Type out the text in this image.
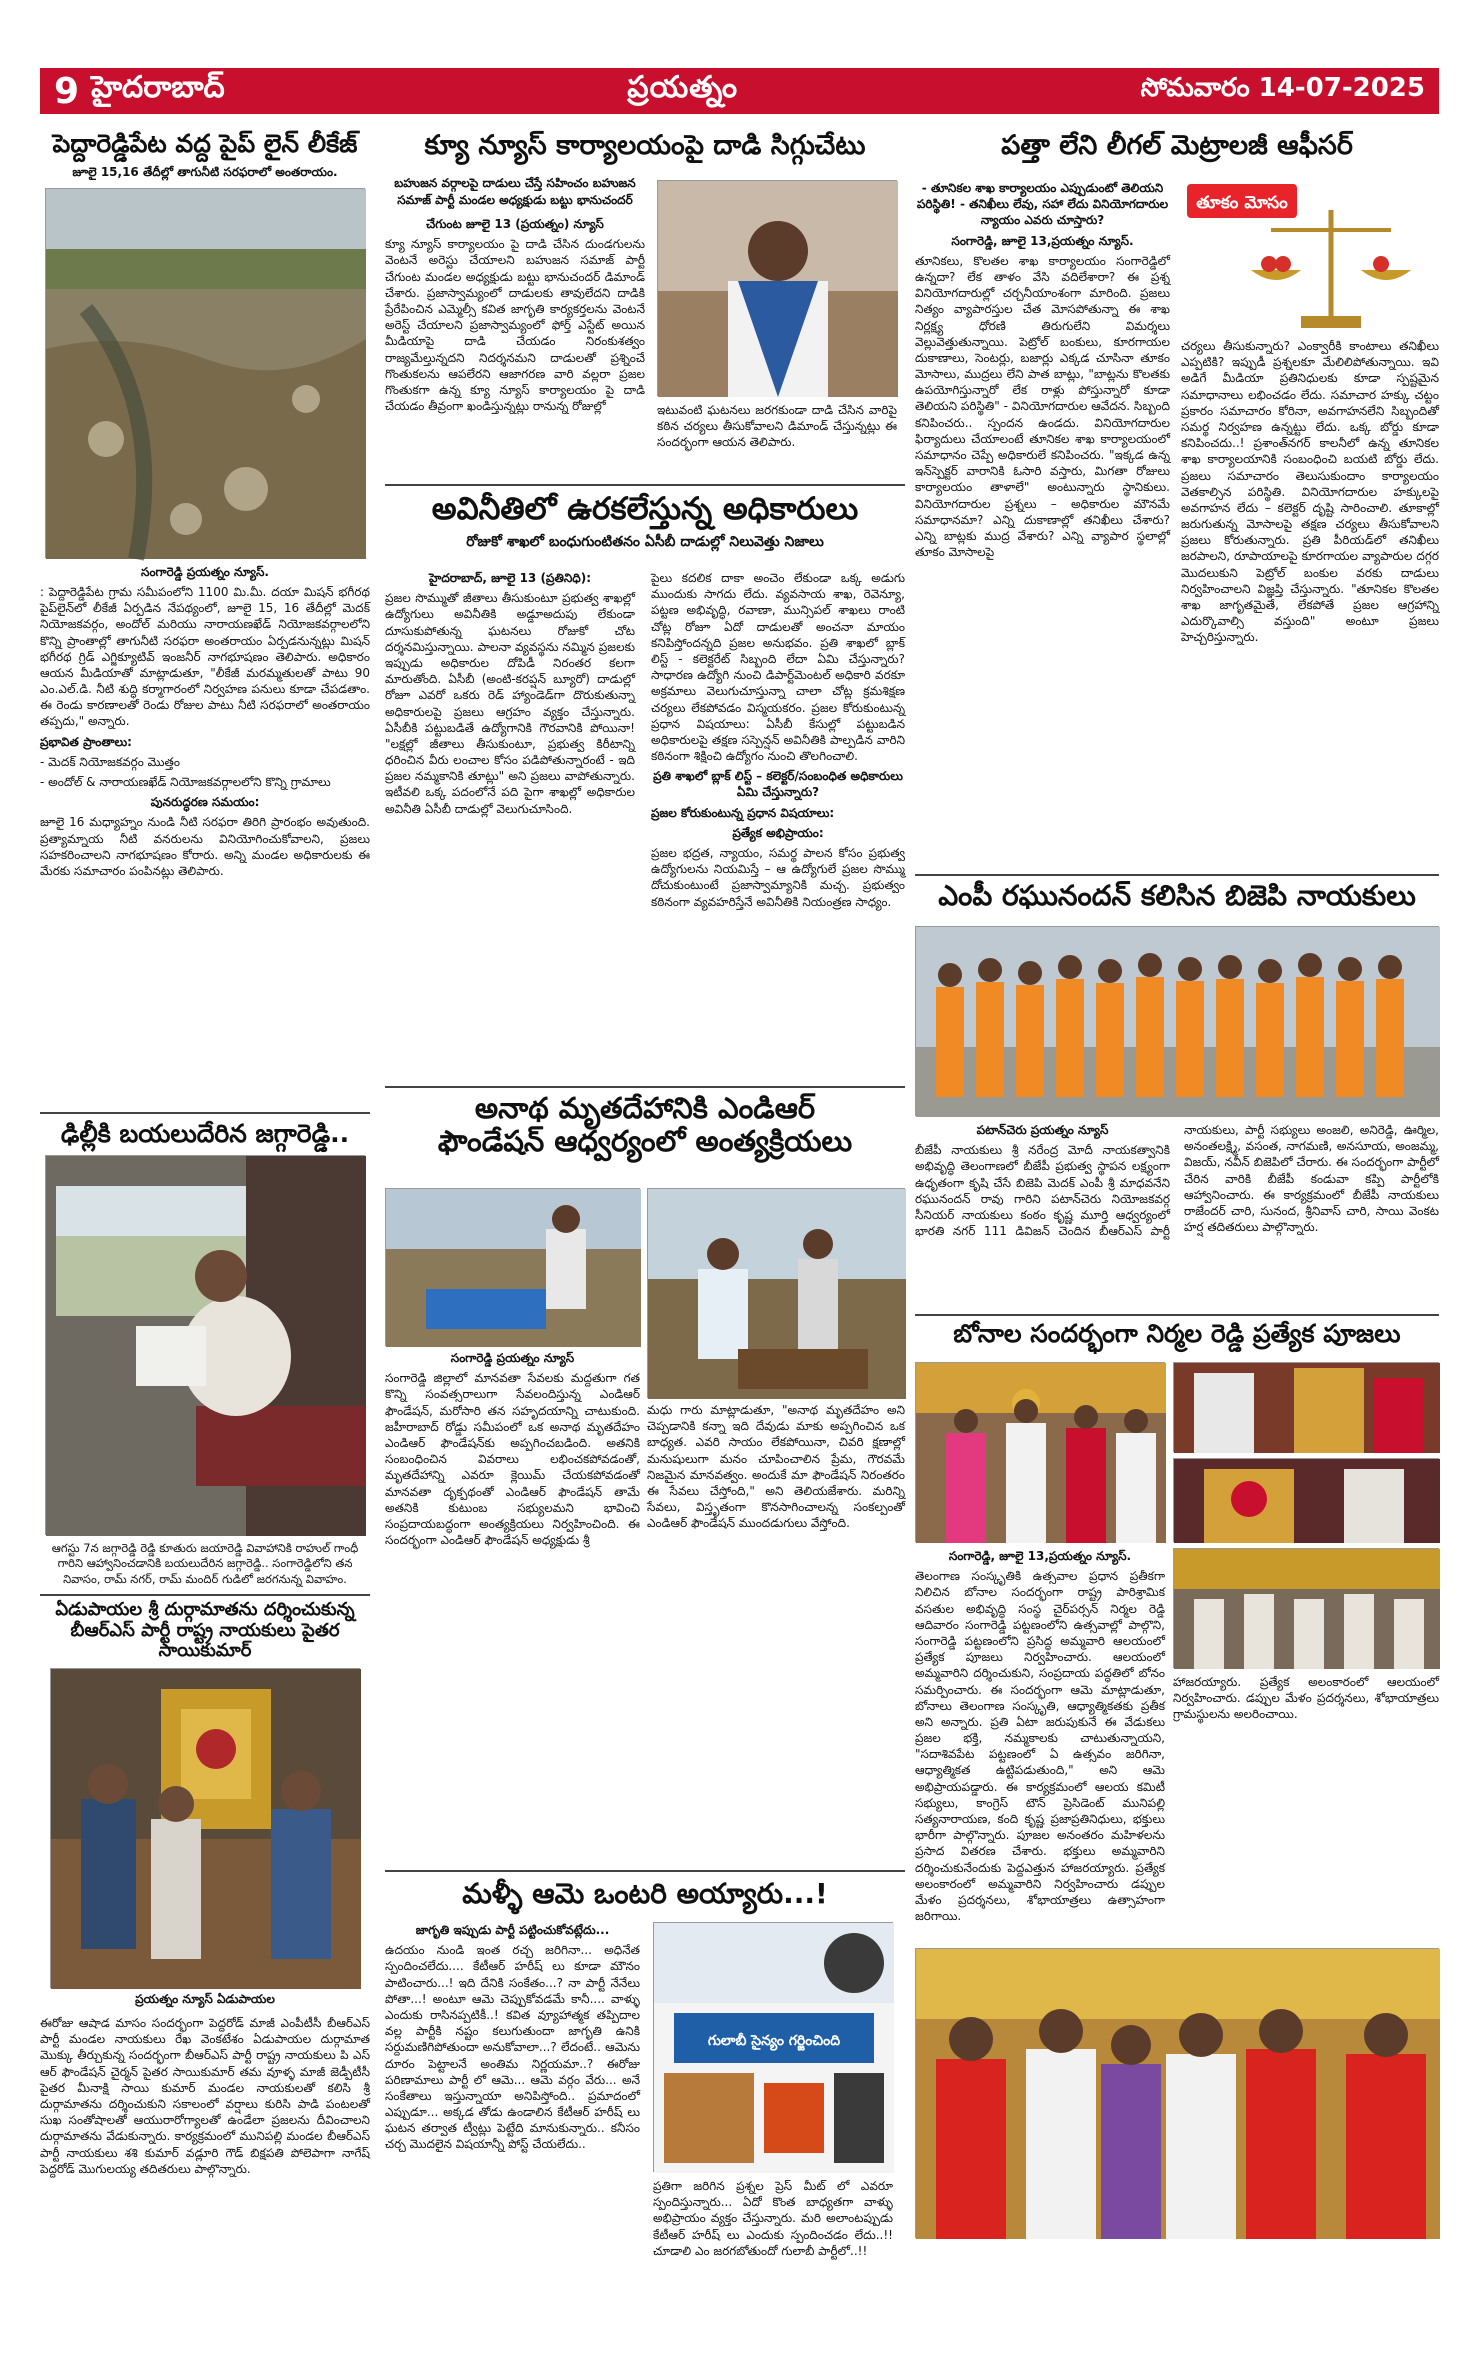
9 హైదరాబాద్	ప్రయత్నం	సోమవారం 14-07-2025
పెద్దారెడ్డిపేట వద్ద పైప్ లైన్ లీకేజ్
జూలై 15,16 తేదీల్లో తాగునీటి సరఫరాలో అంతరాయం.

సంగారెడ్డి ప్రయత్నం న్యూస్.

: పెద్దారెడ్డిపేట గ్రామ సమీపంలోని 1100 మి.మీ. దయా మిషన్ భగీరథ పైప్‌లైన్‌లో లీకేజీ ఏర్పడిన నేపథ్యంలో, జూలై 15, 16 తేదీల్లో మెదక్ నియోజకవర్గం, అందోల్ మరియు నారాయణఖేడ్ నియోజకవర్గాలలోని కొన్ని ప్రాంతాల్లో తాగునీటి సరఫరా అంతరాయం ఏర్పడనున్నట్లు మిషన్ భగీరథ గ్రిడ్ ఎగ్జిక్యూటివ్ ఇంజనీర్ నాగభూషణం తెలిపారు. అధికారం ఆయన మీడియాతో మాట్లాడుతూ, "లీకేజీ మరమ్మతులతో పాటు 90 ఎం.ఎల్.డి. నీటి శుద్ధి కర్మాగారంలో నిర్వహణ పనులు కూడా చేపడతాం. ఈ రెండు కారణాలతో రెండు రోజుల పాటు నీటి సరఫరాలో అంతరాయం తప్పదు," అన్నారు.

ప్రభావిత ప్రాంతాలు:

- మెదక్ నియోజకవర్గం మొత్తం

- అందోల్ & నారాయణఖేడ్ నియోజకవర్గాలలోని కొన్ని గ్రామాలు

పునరుద్ధరణ సమయం:

జూలై 16 మధ్యాహ్నం నుండి నీటి సరఫరా తిరిగి ప్రారంభం అవుతుంది. ప్రత్యామ్నాయ నీటి వనరులను వినియోగించుకోవాలని, ప్రజలు సహకరించాలని నాగభూషణం కోరారు. అన్ని మండల అధికారులకు ఈ మేరకు సమాచారం పంపినట్లు తెలిపారు.

ఢిల్లీకి బయలుదేరిన జగ్గారెడ్డి..
ఆగస్టు 7న జగ్గారెడ్డి రెడ్డి కూతురు జయారెడ్డి వివాహానికి రాహుల్ గాంధీ గారిని ఆహ్వానించడానికి బయలుదేరిన జగ్గారెడ్డి.. సంగారెడ్డిలోని తన నివాసం, రామ్ నగర్, రామ్ మందిర్ గుడిలో జరగనున్న వివాహం.
ఏడుపాయల శ్రీ దుర్గామాతను దర్శించుకున్న బీఆర్ఎస్ పార్టీ రాష్ట్ర నాయకులు పైతర సాయికుమార్
ప్రయత్నం న్యూస్ ఏడుపాయల
ఈరోజు ఆషాడ మాసం సందర్భంగా పెద్దరోడ్ మాజీ ఎంపీటీసీ బీఆర్ఎస్ పార్టీ మండల నాయకులు రేఖ వెంకటేశం ఏడుపాయల దుర్గామాత మొక్కు తీర్చుకున్న సందర్భంగా బీఆర్ఎస్ పార్టీ రాష్ట్ర నాయకులు పి ఎస్ ఆర్ ఫౌండేషన్ చైర్మన్ పైతర సాయికుమార్ తమ వూళ్ళ మాజీ జెడ్పీటీసీ పైతర మీనాక్షి సాయి కుమార్ మండల నాయకులతో కలిసి శ్రీ దుర్గామాతను దర్శించుకుని సకాలంలో వర్షాలు కురిసి పాడి పంటలతో సుఖ సంతోషాలతో ఆయురారోగ్యాలతో ఉండేలా ప్రజలను దీవించాలని దుర్గామాతను వేడుకున్నారు. కార్యక్రమంలో మునిపల్లి మండల బీఆర్ఎస్ పార్టీ నాయకులు శశి కుమార్ వడ్లూరి గౌడ్ బిక్షపతి పోలెపాగా నాగేష్ పెద్దరోడ్ మొగులయ్య తదితరులు పాల్గొన్నారు.
క్యూ న్యూస్ కార్యాలయంపై దాడి సిగ్గుచేటు
బహుజన వర్గాలపై దాడులు చేస్తే సహించం బహుజన సమాజ్ పార్టీ మండల అధ్యక్షుడు బట్టు భానుచందర్

చేగుంట జూలై 13 (ప్రయత్నం) న్యూస్

క్యూ న్యూస్ కార్యాలయం పై దాడి చేసిన దుండగులను వెంటనే అరెస్టు చేయాలని బహుజన సమాజ్ పార్టీ చేగుంట మండల అధ్యక్షుడు బట్టు భానుచందర్ డిమాండ్ చేశారు. ప్రజాస్వామ్యంలో దాడులకు తావులేదని దాడికి ప్రేరేపించిన ఎమ్మెల్సీ కవిత జాగృతి కార్యకర్తలను వెంటనే అరెస్ట్ చేయాలని ప్రజాస్వామ్యంలో ఫోర్త్ ఎస్టేట్ అయిన మీడియాపై దాడి చేయడం నిరంకుశత్వం రాజ్యమేల్తున్నదని నిదర్శనమని దాడులతో ప్రశ్నించే గొంతుకలను ఆపలేరని ఆజాగరణ వారి వల్లరా ప్రజల గొంతుకగా ఉన్న క్యూ న్యూస్ కార్యాలయం పై దాడి చేయడం తీవ్రంగా ఖండిస్తున్నట్లు రానున్న రోజుల్లో	ఇటువంటి ఘటనలు జరగకుండా దాడి చేసిన వారిపై కఠిన చర్యలు తీసుకోవాలని డిమాండ్ చేస్తున్నట్లు ఈ సందర్భంగా ఆయన తెలిపారు.
అవినీతిలో ఉరకలేస్తున్న అధికారులు
రోజుకో శాఖలో బంధుగుంటితనం ఏసీబీ దాడుల్లో నిలువెత్తు నిజాలు

హైదరాబాద్, జూలై 13 (ప్రతినిధి):

ప్రజల సొమ్ముతో జీతాలు తీసుకుంటూ ప్రభుత్వ శాఖల్లో ఉద్యోగులు అవినీతికి అడ్డూఅదుపు లేకుండా దూసుకుపోతున్న ఘటనలు రోజుకో చోట దర్శనమిస్తున్నాయి. పాలనా వ్యవస్థను నమ్మిన ప్రజలకు ఇప్పుడు అధికారుల దోపిడీ నిరంతర కలగా మారుతోంది. ఏసీబీ (అంటి-కరప్షన్ బ్యూరో) దాడుల్లో రోజూ ఎవరో ఒకరు రెడ్ హ్యాండెడ్‌గా దొరుకుతున్నా అధికారులపై ప్రజలు ఆగ్రహం వ్యక్తం చేస్తున్నారు. ఏసీబీకి పట్టుబడితే ఉద్యోగానికి గౌరవానికి పోయినా! "లక్షల్లో జీతాలు తీసుకుంటూ, ప్రభుత్వ కిరీటాన్ని ధరించిన వీరు లంచాల కోసం పడిపోతున్నారంటే - ఇది ప్రజల నమ్మకానికి తూట్లు" అని ప్రజలు వాపోతున్నారు. ఇటీవలి ఒక్క పదంలోనే పది పైగా శాఖల్లో అధికారుల అవినీతి ఏసీబీ దాడుల్లో వెలుగుచూసింది.

పైలు కదలిక దాకా అంచెం లేకుండా ఒక్క అడుగు ముందుకు సాగదు లేదు. వ్యవసాయ శాఖ, రెవెన్యూ, పట్టణ అభివృద్ధి, రవాణా, మున్సిపల్ శాఖలు రాంటి చోట్ల రోజూ ఏదో దాడులతో అంచనా మాయం కనిపిస్తోందన్నది ప్రజల అనుభవం. ప్రతి శాఖలో బ్లాక్ లిస్ట్ - కలెక్టరేట్ సిబ్బంది లేదా ఏమి చేస్తున్నారు? సాధారణ ఉద్యోగి నుంచి డిపార్ట్‌మెంటల్ అధికారి వరకూ అక్రమాలు వెలుగుచూస్తున్నా చాలా చోట్ల క్రమశిక్షణ చర్యలు లేకపోవడం విస్మయకరం. ప్రజల కోరుకుంటున్న ప్రధాన విషయాలు: ఏసీబీ కేసుల్లో పట్టుబడిన అధికారులపై తక్షణ సస్పెన్షన్ అవినీతికి పాల్పడిన వారిని కఠినంగా శిక్షించి ఉద్యోగం నుంచి తొలగించాలి.

ప్రతి శాఖలో బ్లాక్ లిస్ట్ – కలెక్టర్/సంబంధిత అధికారులు ఏమి చేస్తున్నారు?

ప్రజల కోరుకుంటున్న ప్రధాన విషయాలు:

ప్రత్యేక అభిప్రాయం:

ప్రజల భద్రత, న్యాయం, సమర్థ పాలన కోసం ప్రభుత్వ ఉద్యోగులను నియమిస్తే – ఆ ఉద్యోగులే ప్రజల సొమ్ము దోచుకుంటుంటే ప్రజాస్వామ్యానికి మచ్చ. ప్రభుత్వం కఠినంగా వ్యవహరిస్తేనే అవినీతికి నియంత్రణ సాధ్యం.

అనాథ మృతదేహానికి ఎండిఆర్
ఫౌండేషన్ ఆధ్వర్యంలో అంత్యక్రియలు

సంగారెడ్డి ప్రయత్నం న్యూస్

సంగారెడ్డి జిల్లాలో మానవతా సేవలకు మద్దతుగా గత కొన్ని సంవత్సరాలుగా సేవలందిస్తున్న ఎండిఆర్ ఫౌండేషన్, మరోసారి తన సహృదయాన్ని చాటుకుంది. జహీరాబాద్ రోడ్డు సమీపంలో ఒక అనాథ మృతదేహం ఎండిఆర్ ఫౌండేషన్‌కు అప్పగించబడింది. అతనికి సంబంధించిన వివరాలు లభించకపోవడంతో, మృతదేహాన్ని ఎవరూ క్లెయిమ్ చేయకపోవడంతో మానవతా దృక్పథంతో ఎండిఆర్ ఫౌండేషన్ తామే అతనికి కుటుంబ సభ్యులమని భావించి సంప్రదాయబద్ధంగా అంత్యక్రియలు నిర్వహించింది. ఈ సందర్భంగా ఎండిఆర్ ఫౌండేషన్ అధ్యక్షుడు శ్రీ

మధు గారు మాట్లాడుతూ, "అనాథ మృతదేహం అని చెప్పడానికి కన్నా ఇది దేవుడు మాకు అప్పగించిన ఒక బాధ్యత. ఎవరి సాయం లేకపోయినా, చివరి క్షణాల్లో మనుషులుగా మనం చూపించాలిన ప్రేమ, గౌరవమే నిజమైన మానవత్వం. అందుకే మా ఫౌండేషన్ నిరంతరం ఈ సేవలు చేస్తోంది," అని తెలియజేశారు. మరిన్ని సేవలు, విస్తృతంగా కొనసాగించాలన్న సంకల్పంతో ఎండిఆర్ ఫౌండేషన్ ముందడుగులు వేస్తోంది.
మళ్ళీ ఆమె ఒంటరి అయ్యారు...!

జాగృతి ఇప్పుడు పార్టీ పట్టించుకోవట్లేదు...

ఉదయం నుండి ఇంత రచ్చ జరిగినా... అధినేత స్పందించలేదు.... కేటీఆర్ హరీష్ లు కూడా మౌనం పాటించారు...! ఇది దేనికి సంకేతం...? నా పార్టీ నేనేలు పోతా...! అంటూ ఆమె చెప్పుకోవడమే కానీ.... వాళ్ళు ఎందుకు రాసినప్పటికీ..! కవిత వ్యూహాత్మక తప్పిదాల వల్ల పార్టీకి నష్టం కలుగుతుందా జాగృతి ఉనికి సర్దుమణిగిపోతుందా అనుకోవాలా...? లేదంటే.. ఆమెను దూరం పెట్టాలనే అంతిమ నిర్ణయమా..? ఈరోజు పరిణామాలు పార్టీ లో ఆమె... ఆమె వర్గం వేరు... అనే సంకేతాలు ఇస్తున్నాయా అనిపిస్తోంది.. ప్రమాదంలో ఎప్పుడూ... అక్కడ తోడు ఉండాలిన కేటీఆర్ హరీష్ లు ఘటన తర్వాత ట్వీట్లు పెట్టేది మానుకున్నారు.. కనీసం చర్చ మొదలైన విషయాన్నీ పోస్ట్ చేయలేదు..

గులాబీ సైన్యం గర్జించింది
ప్రతిగా జరిగిన ప్రశ్నల ప్రెస్ మీట్ లో ఎవరూ స్పందిస్తున్నారు... ఏదో కొంత బాధ్యతగా వాళ్ళు అభిప్రాయం వ్యక్తం చేస్తున్నారు. మరి అలాంటప్పుడు కేటీఆర్ హరీష్ లు ఎందుకు స్పందించడం లేదు..!! చూడాలి ఎం జరగబోతుందో గులాబీ పార్టీలో..!!
పత్తా లేని లీగల్ మెట్రాలజీ ఆఫీసర్

- తూనికల శాఖ కార్యాలయం ఎప్పుడుంటో తెలియని పరిస్థితి! - తనిఖీలు లేవు, సహా లేదు వినియోగదారుల న్యాయం ఎవరు చూస్తారు?

సంగారెడ్డి, జూలై 13,ప్రయత్నం న్యూస్.

తూనికలు, కొలతల శాఖ కార్యాలయం సంగారెడ్డిలో ఉన్నదా? లేక తాళం వేసి వదిలేశారా? ఈ ప్రశ్న వినియోగదారుల్లో చర్చనీయాంశంగా మారింది. ప్రజలు నిత్యం వ్యాపారస్తుల చేత మోసపోతున్నా ఈ శాఖ నిర్లక్ష్య ధోరణి తిరుగులేని విమర్శలు వెల్లువెత్తుతున్నాయి. పెట్రోల్ బంకులు, కూరగాయల దుకాణాలు, సెంటర్లు, బజార్లు ఎక్కడ చూసినా తూకం మోసాలు, ముద్రలు లేని పాత బాట్లు, "బాట్లను కొలతకు ఉపయోగిస్తున్నారో లేక రాళ్లు పోస్తున్నారో కూడా తెలియని పరిస్థితి" - వినియోగదారుల ఆవేదన. సిబ్బంది కనిపించరు.. స్పందన ఉండదు. వినియోగదారుల ఫిర్యాదులు చేయాలంటే తూనికల శాఖ కార్యాలయంలో సమాధానం చెప్పే అధికారులే కనిపించరు. "ఇక్కడ ఉన్న ఇన్‌స్పెక్టర్ వారానికి ఓసారి వస్తారు, మిగతా రోజులు కార్యాలయం తాళాలే" అంటున్నారు స్థానికులు. వినియోగదారుల ప్రశ్నలు – అధికారుల మౌనమే సమాధానమా? ఎన్ని దుకాణాల్లో తనిఖీలు చేశారు? ఎన్ని బాట్లకు ముద్ర వేశారు? ఎన్ని వ్యాపార స్థలాల్లో తూకం మోసాలపై

తూకం మోసం
చర్యలు తీసుకున్నారు? ఎంక్వారీకి కాంటాలు తనిఖీలు ఎప్పటికి? ఇప్పుడీ ప్రశ్నలకూ మేలిలిపోతున్నాయి. ఇవి అడిగే మీడియా ప్రతినిధులకు కూడా స్పష్టమైన సమాధానాలు లభించడం లేదు. సమాచార హక్కు చట్టం ప్రకారం సమాచారం కోరినా, అవగాహనలేని సిబ్బందితో సమర్థ నిర్వహణ ఉన్నట్టు లేదు. ఒక్క బోర్డు కూడా కనిపించదు..! ప్రశాంత్‌నగర్ కాలనీలో ఉన్న తూనికల శాఖ కార్యాలయానికి సంబంధించి బయటి బోర్డు లేదు. ప్రజలు సమాచారం తెలుసుకుందాం కార్యాలయం వెతకాల్సిన పరిస్థితి. వినియోగదారుల హక్కులపై అవగాహన లేదు – కలెక్టర్ దృష్టి సారించాలి. తూకాల్లో జరుగుతున్న మోసాలపై తక్షణ చర్యలు తీసుకోవాలని ప్రజలు కోరుతున్నారు. ప్రతి పీరియడ్‌లో తనిఖీలు జరపాలని, రూపాయాలపై కూరగాయల వ్యాపారుల దగ్గర మొదలుకుని పెట్రోల్ బంకుల వరకు దాడులు నిర్వహించాలని విజ్ఞప్తి చేస్తున్నారు. "తూనికల కొలతల శాఖ జాగృతమైతే, లేకపోతే ప్రజల ఆగ్రహాన్ని ఎదుర్కొవాల్సి వస్తుంది" అంటూ ప్రజలు హెచ్చరిస్తున్నారు.
ఎంపీ రఘునందన్ కలిసిన బిజెపి నాయకులు

పటాన్‌చెరు ప్రయత్నం న్యూస్

బీజేపీ నాయకులు శ్రీ నరేంద్ర మోదీ నాయకత్వానికి అభివృద్ధి తెలంగాణలో బీజేపీ ప్రభుత్వ స్థాపన లక్ష్యంగా ఉధృతంగా కృషి చేసే బిజెపి మెదక్ ఎంపీ శ్రీ మాధవనేని రఘునందన్ రావు గారిని పటాన్‌చెరు నియోజకవర్గ సీనియర్ నాయకులు కంఠం కృష్ణ మూర్తి ఆధ్వర్యంలో భారతి నగర్ 111 డివిజన్ చెందిన బీఆర్ఎస్ పార్టీ నాయకులు, పార్టీ సభ్యులు అంజలి, అనిరెడ్డి, ఊర్మిల, అనంతలక్ష్మి, వసంత, నాగమణి, అనసూయ, అంజమ్మ, విజయ్, నవీన్ బిజెపిలో చేరారు. ఈ సందర్భంగా పార్టీలో చేరిన వారికి బీజేపీ కండువా కప్పి పార్టీలోకి ఆహ్వానించారు. ఈ కార్యక్రమంలో బీజేపీ నాయకులు రాజేందర్ చారి, సునంద, శ్రీనివాస్ చారి, సాయి వెంకట హర్ష తదితరులు పాల్గొన్నారు.

బోనాల సందర్భంగా నిర్మల రెడ్డి ప్రత్యేక పూజలు

సంగారెడ్డి, జూలై 13,ప్రయత్నం న్యూస్.

తెలంగాణ సంస్కృతికి ఉత్సవాల ప్రధాన ప్రతీకగా నిలిచిన బోనాల సందర్భంగా రాష్ట్ర పారిశ్రామిక వసతుల అభివృద్ధి సంస్థ చైర్‌పర్సన్ నిర్మల రెడ్డి ఆదివారం సంగారెడ్డి పట్టణంలోని ఉత్సవాల్లో పాల్గొని, సంగారెడ్డి పట్టణంలోని ప్రసిద్ధ అమ్మవారి ఆలయంలో ప్రత్యేక పూజలు నిర్వహించారు. ఆలయంలో అమ్మవారిని దర్శించుకుని, సంప్రదాయ పద్ధతిలో బోనం సమర్పించారు. ఈ సందర్భంగా ఆమె మాట్లాడుతూ, బోనాలు తెలంగాణ సంస్కృతి, ఆధ్యాత్మికతకు ప్రతీక అని అన్నారు. ప్రతి ఏటా జరుపుకునే ఈ వేడుకలు ప్రజల భక్తి, నమ్మకాలకు చాటుతున్నాయని, "సదాశివపేట పట్టణంలో ఏ ఉత్సవం జరిగినా, ఆధ్యాత్మికత ఉట్టిపడుతుంది," అని ఆమె అభిప్రాయపడ్డారు. ఈ కార్యక్రమంలో ఆలయ కమిటీ సభ్యులు, కాంగ్రెస్ టౌన్ ప్రెసిడెంట్ మునిపల్లి సత్యనారాయణ, కంది కృష్ణ ప్రజాప్రతినిధులు, భక్తులు భారీగా పాల్గొన్నారు. పూజల అనంతరం మహిళలను ప్రసాద వితరణ చేశారు. భక్తులు అమ్మవారిని దర్శించుకునేందుకు పెద్దఎత్తున హాజరయ్యారు. ప్రత్యేక అలంకారంలో అమ్మవారిని నిర్వహించారు డప్పుల మేళం ప్రదర్శనలు, శోభాయాత్రలు ఉత్సాహంగా జరిగాయి.

హాజరయ్యారు. ప్రత్యేక అలంకారంలో ఆలయంలో నిర్వహించారు. డప్పుల మేళం ప్రదర్శనలు, శోభాయాత్రలు గ్రామస్థులను అలరించాయి.
